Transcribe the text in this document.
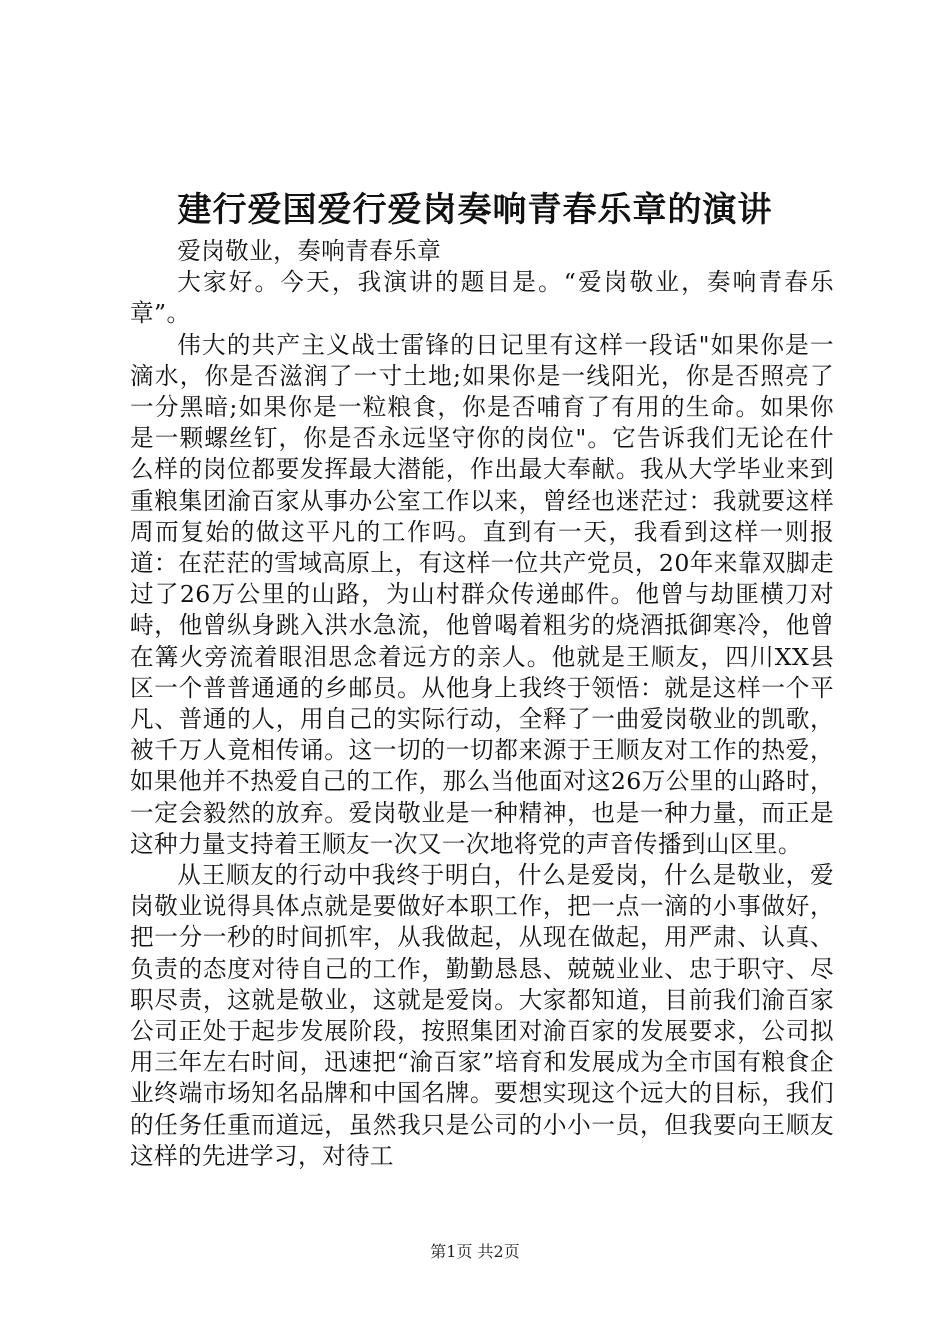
建行爱国爱行爱岗奏响青春乐章的演讲

爱岗敬业，奏响青春乐章

大家好。今天，我演讲的题目是。“爱岗敬业，奏响青春乐章”。

伟大的共产主义战士雷锋的日记里有这样一段话"如果你是一滴水，你是否滋润了一寸土地;如果你是一线阳光，你是否照亮了一分黑暗;如果你是一粒粮食，你是否哺育了有用的生命。如果你是一颗螺丝钉，你是否永远坚守你的岗位"。它告诉我们无论在什么样的岗位都要发挥最大潜能，作出最大奉献。我从大学毕业来到重粮集团渝百家从事办公室工作以来，曾经也迷茫过：我就要这样周而复始的做这平凡的工作吗。直到有一天，我看到这样一则报道：在茫茫的雪域高原上，有这样一位共产党员，20年来靠双脚走过了26万公里的山路，为山村群众传递邮件。他曾与劫匪横刀对峙，他曾纵身跳入洪水急流，他曾喝着粗劣的烧酒抵御寒冷，他曾在篝火旁流着眼泪思念着远方的亲人。他就是王顺友，四川XX县区一个普普通通的乡邮员。从他身上我终于领悟：就是这样一个平凡、普通的人，用自己的实际行动，全释了一曲爱岗敬业的凯歌，被千万人竟相传诵。这一切的一切都来源于王顺友对工作的热爱，如果他并不热爱自己的工作，那么当他面对这26万公里的山路时，一定会毅然的放弃。爱岗敬业是一种精神，也是一种力量，而正是这种力量支持着王顺友一次又一次地将党的声音传播到山区里。

从王顺友的行动中我终于明白，什么是爱岗，什么是敬业，爱岗敬业说得具体点就是要做好本职工作，把一点一滴的小事做好，把一分一秒的时间抓牢，从我做起，从现在做起，用严肃、认真、负责的态度对待自己的工作，勤勤恳恳、兢兢业业、忠于职守、尽职尽责，这就是敬业，这就是爱岗。大家都知道，目前我们渝百家公司正处于起步发展阶段，按照集团对渝百家的发展要求，公司拟用三年左右时间，迅速把“渝百家”培育和发展成为全市国有粮食企业终端市场知名品牌和中国名牌。要想实现这个远大的目标，我们的任务任重而道远，虽然我只是公司的小小一员，但我要向王顺友这样的先进学习，对待工

第1页 共2页
